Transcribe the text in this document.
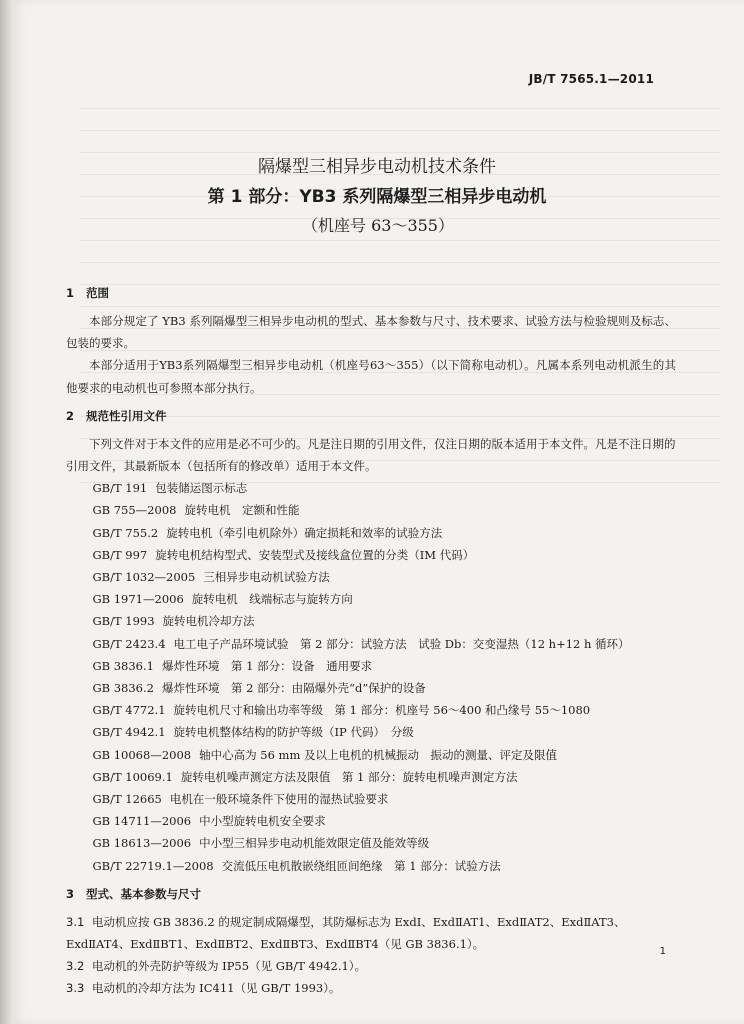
JB/T 7565.1—2011
隔爆型三相异步电动机技术条件
第 1 部分：YB3 系列隔爆型三相异步电动机
（机座号 63～355）
1 范围

本部分规定了 YB3 系列隔爆型三相异步电动机的型式、基本参数与尺寸、技术要求、试验方法与检验规则及标志、包装的要求。

本部分适用于YB3系列隔爆型三相异步电动机（机座号63～355）（以下简称电动机）。凡属本系列电动机派生的其他要求的电动机也可参照本部分执行。

2 规范性引用文件

下列文件对于本文件的应用是必不可少的。凡是注日期的引用文件，仅注日期的版本适用于本文件。凡是不注日期的引用文件，其最新版本（包括所有的修改单）适用于本文件。

GB/T 191 包装储运图示标志
GB 755—2008 旋转电机　定额和性能
GB/T 755.2 旋转电机（牵引电机除外）确定损耗和效率的试验方法
GB/T 997 旋转电机结构型式、安装型式及接线盒位置的分类（IM 代码）
GB/T 1032—2005 三相异步电动机试验方法
GB 1971—2006 旋转电机　线端标志与旋转方向
GB/T 1993 旋转电机冷却方法
GB/T 2423.4 电工电子产品环境试验　第 2 部分：试验方法　试验 Db：交变湿热（12 h+12 h 循环）
GB 3836.1 爆炸性环境　第 1 部分：设备　通用要求
GB 3836.2 爆炸性环境　第 2 部分：由隔爆外壳“d”保护的设备
GB/T 4772.1 旋转电机尺寸和输出功率等级　第 1 部分：机座号 56～400 和凸缘号 55～1080
GB/T 4942.1 旋转电机整体结构的防护等级（IP 代码）　分级
GB 10068—2008 轴中心高为 56 mm 及以上电机的机械振动　振动的测量、评定及限值
GB/T 10069.1 旋转电机噪声测定方法及限值　第 1 部分：旋转电机噪声测定方法
GB/T 12665 电机在一般环境条件下使用的湿热试验要求
GB 14711—2006 中小型旋转电机安全要求
GB 18613—2006 中小型三相异步电动机能效限定值及能效等级
GB/T 22719.1—2008 交流低压电机散嵌绕组匝间绝缘　第 1 部分：试验方法
3 型式、基本参数与尺寸

3.1 电动机应按 GB 3836.2 的规定制成隔爆型，其防爆标志为 ExdⅠ、ExdⅡAT1、ExdⅡAT2、ExdⅡAT3、ExdⅡAT4、ExdⅡBT1、ExdⅡBT2、ExdⅡBT3、ExdⅡBT4（见 GB 3836.1）。

3.2 电动机的外壳防护等级为 IP55（见 GB/T 4942.1）。

3.3 电动机的冷却方法为 IC411（见 GB/T 1993）。

1
